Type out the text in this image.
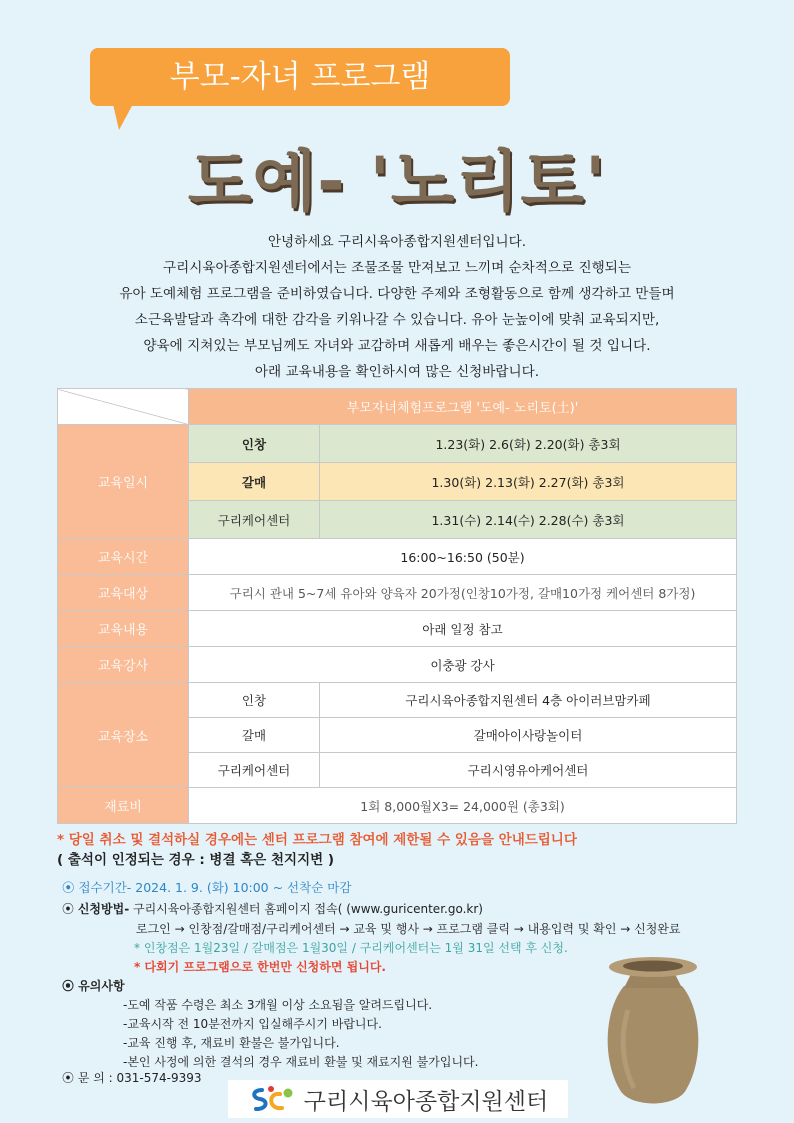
부모-자녀 프로그램
도예- '노리토'
안녕하세요 구리시육아종합지원센터입니다.
구리시육아종합지원센터에서는 조물조물 만져보고 느끼며 순차적으로 진행되는
유아 도예체험 프로그램을 준비하였습니다. 다양한 주제와 조형활동으로 함께 생각하고 만들며
소근육발달과 촉각에 대한 감각을 키워나갈 수 있습니다. 유아 눈높이에 맞춰 교육되지만,
양육에 지쳐있는 부모님께도 자녀와 교감하며 새롭게 배우는 좋은시간이 될 것 입니다.
아래 교육내용을 확인하시여 많은 신청바랍니다.
	부모자녀체험프로그램 '도예- 노리토(土)'	
교육일시	인창	1.23(화) 2.6(화) 2.20(화) 총3회
	갈매	1.30(화) 2.13(화) 2.27(화) 총3회
	구리케어센터	1.31(수) 2.14(수) 2.28(수) 총3회
교육시간	16:00~16:50 (50분)	
교육대상	구리시 관내 5~7세 유아와 양육자 20가정(인창10가정, 갈매10가정 케어센터 8가정)	
교육내용	아래 일정 참고	
교육강사	이충광 강사	
교육장소	인창	구리시육아종합지원센터 4층 아이러브맘카페
	갈매	갈매아이사랑놀이터
	구리케어센터	구리시영유아케어센터
재료비	1회 8,000월X3= 24,000원 (총3회)	
* 당일 취소 및 결석하실 경우에는 센터 프로그램 참여에 제한될 수 있음을 안내드립니다
( 출석이 인정되는 경우 : 병결 혹은 천지지변 )
⦿ 접수기간- 2024. 1. 9. (화) 10:00 ~ 선착순 마감
⦿ 신청방법- 구리시육아종합지원센터 홈페이지 접속( (www.guricenter.go.kr)
로그인 → 인창점/갈매점/구리케어센터 → 교육 및 행사 → 프로그램 클릭 → 내용입력 및 확인 → 신청완료
* 인창점은 1월23일 / 갈매점은 1월30일 / 구리케어센터는 1월 31일 선택 후 신청.
* 다회기 프로그램으로 한번만 신청하면 됩니다.
⦿ 유의사항
-도예 작품 수령은 최소 3개월 이상 소요됨을 알려드립니다.
-교육시작 전 10분전까지 입실해주시기 바랍니다.
-교육 진행 후, 재료비 환불은 불가입니다.
-본인 사정에 의한 결석의 경우 재료비 환불 및 재료지원 불가입니다.
⦿ 문 의 : 031-574-9393
구리시육아종합지원센터
